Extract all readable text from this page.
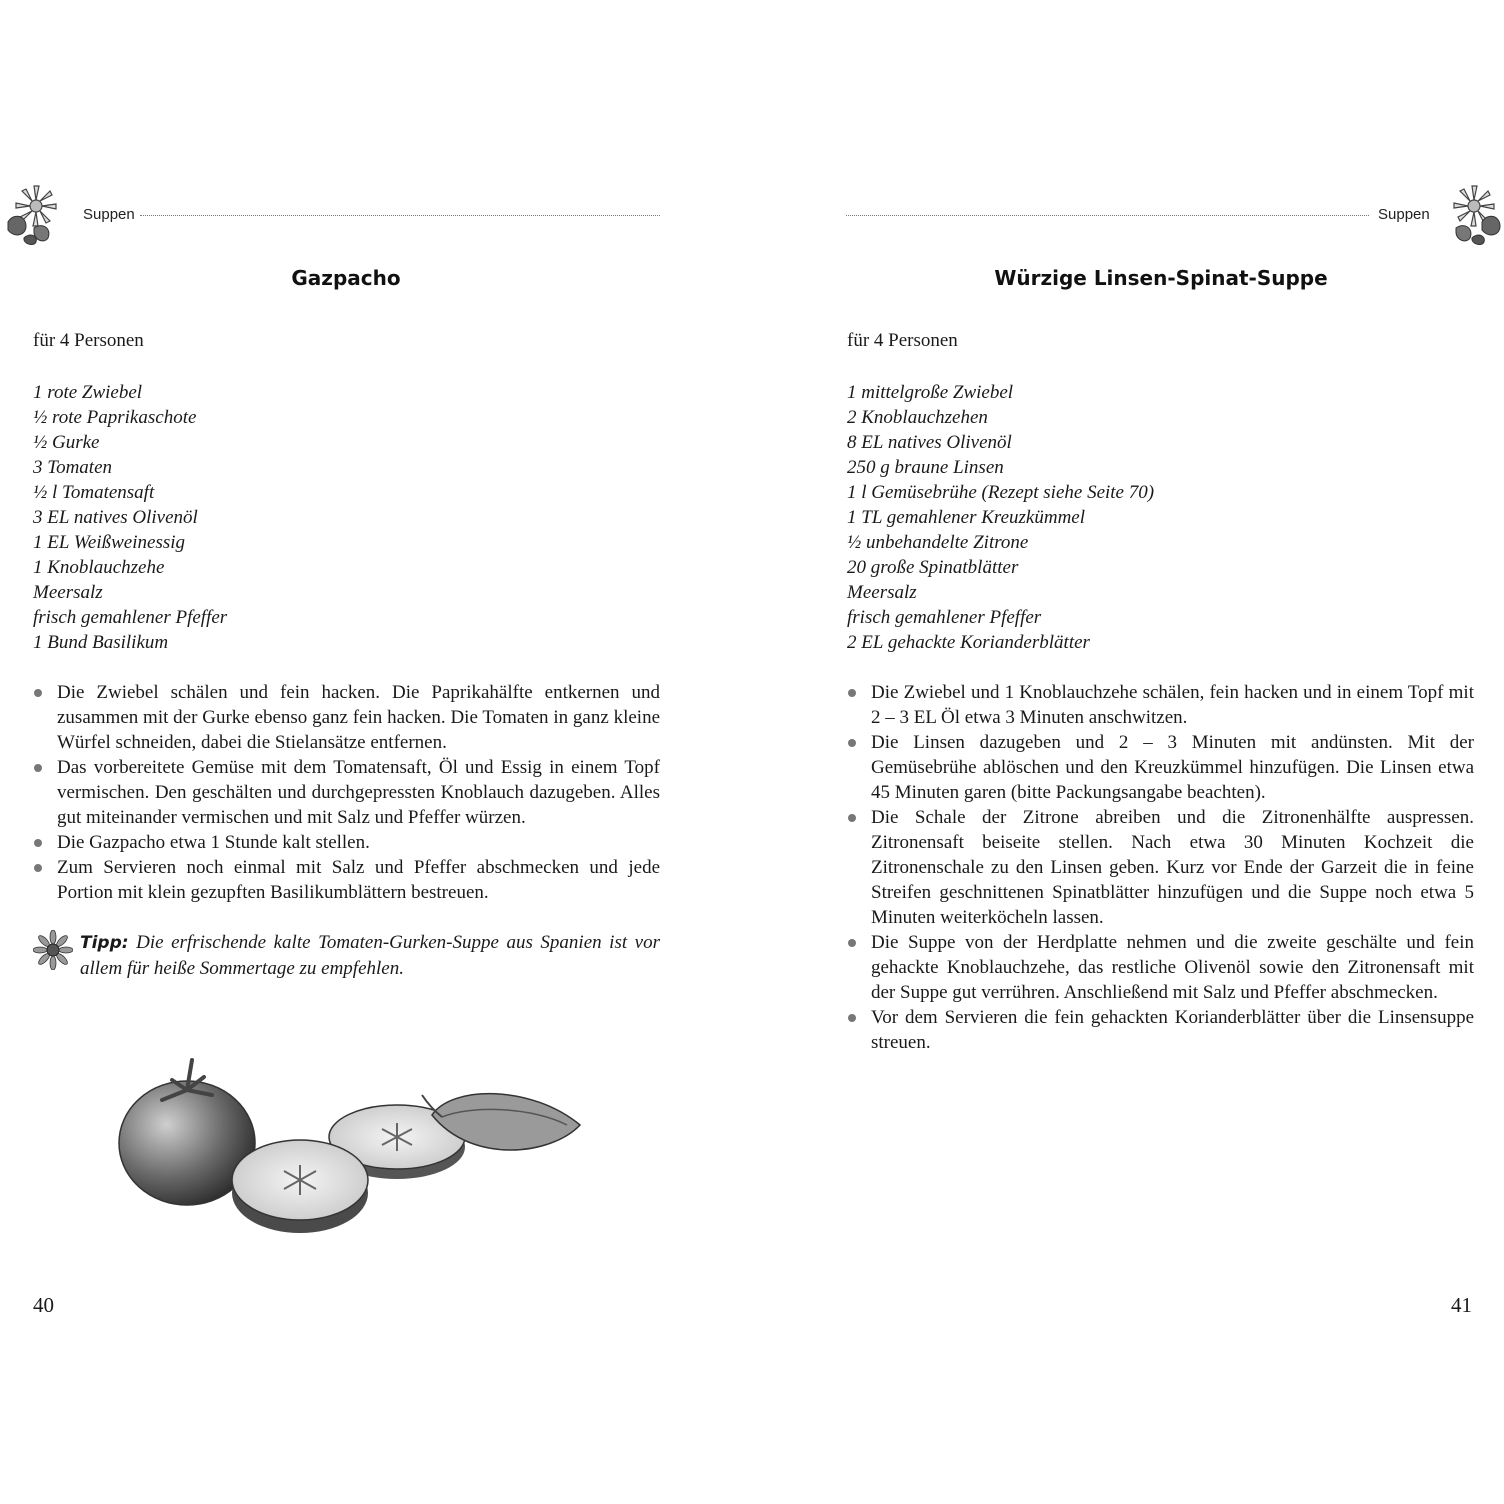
Suppen
Gazpacho
für 4 Personen
1 rote Zwiebel
½ rote Paprikaschote
½ Gurke
3 Tomaten
½ l Tomatensaft
3 EL natives Olivenöl
1 EL Weißweinessig
1 Knoblauchzehe
Meersalz
frisch gemahlener Pfeffer
1 Bund Basilikum
Die Zwiebel schälen und fein hacken. Die Paprikahälfte entkernen und zusammen mit der Gurke ebenso ganz fein hacken. Die Tomaten in ganz kleine Würfel schneiden, dabei die Stielansätze entfernen.
Das vorbereitete Gemüse mit dem Tomatensaft, Öl und Essig in einem Topf vermischen. Den geschälten und durchgepressten Knoblauch dazugeben. Alles gut miteinander vermischen und mit Salz und Pfeffer würzen.
Die Gazpacho etwa 1 Stunde kalt stellen.
Zum Servieren noch einmal mit Salz und Pfeffer abschmecken und jede Portion mit klein gezupften Basilikumblättern bestreuen.
Tipp: Die erfrischende kalte Tomaten-Gurken-Suppe aus Spanien ist vor allem für heiße Sommertage zu empfehlen.
40
Suppen
Würzige Linsen-Spinat-Suppe
für 4 Personen
1 mittelgroße Zwiebel
2 Knoblauchzehen
8 EL natives Olivenöl
250 g braune Linsen
1 l Gemüsebrühe (Rezept siehe Seite 70)
1 TL gemahlener Kreuzkümmel
½ unbehandelte Zitrone
20 große Spinatblätter
Meersalz
frisch gemahlener Pfeffer
2 EL gehackte Korianderblätter
Die Zwiebel und 1 Knoblauchzehe schälen, fein hacken und in einem Topf mit 2 – 3 EL Öl etwa 3 Minuten anschwitzen.
Die Linsen dazugeben und 2 – 3 Minuten mit andünsten. Mit der Gemüsebrühe ablöschen und den Kreuzkümmel hinzufügen. Die Linsen etwa 45 Minuten garen (bitte Packungsangabe beachten).
Die Schale der Zitrone abreiben und die Zitronenhälfte auspressen. Zitronensaft beiseite stellen. Nach etwa 30 Minuten Kochzeit die Zitronenschale zu den Linsen geben. Kurz vor Ende der Garzeit die in feine Streifen geschnittenen Spinatblätter hinzufügen und die Suppe noch etwa 5 Minuten weiterköcheln lassen.
Die Suppe von der Herdplatte nehmen und die zweite geschälte und fein gehackte Knoblauchzehe, das restliche Olivenöl sowie den Zitronensaft mit der Suppe gut verrühren. Anschließend mit Salz und Pfeffer abschmecken.
Vor dem Servieren die fein gehackten Korianderblätter über die Linsensuppe streuen.
41
